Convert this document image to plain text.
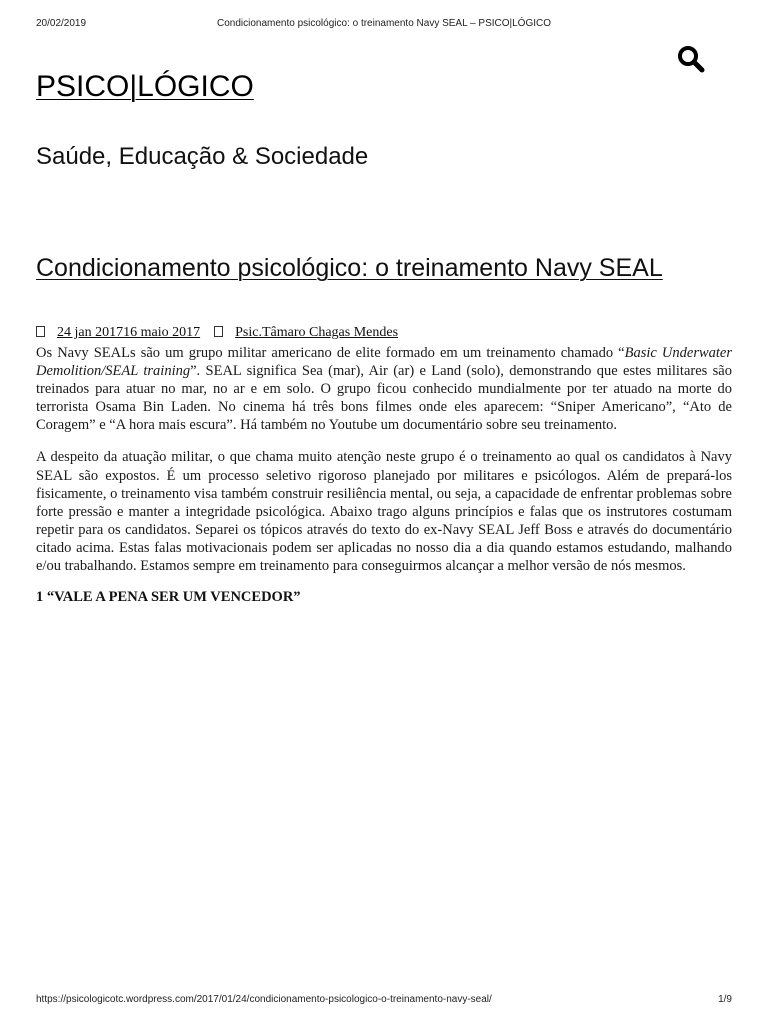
20/02/2019	Condicionamento psicológico: o treinamento Navy SEAL – PSICO|LÓGICO
PSICO|LÓGICO
Saúde, Educação & Sociedade
Condicionamento psicológico: o treinamento Navy SEAL
24 jan 201716 maio 2017	Psic.Tâmaro Chagas Mendes

Os Navy SEALs são um grupo militar americano de elite formado em um treinamento chamado “Basic Underwater Demolition/SEAL training”. SEAL significa Sea (mar), Air (ar) e Land (solo), demonstrando que estes militares são treinados para atuar no mar, no ar e em solo. O grupo ficou conhecido mundialmente por ter atuado na morte do terrorista Osama Bin Laden. No cinema há três bons filmes onde eles aparecem: “Sniper Americano”, “Ato de Coragem” e “A hora mais escura”. Há também no Youtube um documentário sobre seu treinamento.

A despeito da atuação militar, o que chama muito atenção neste grupo é o treinamento ao qual os candidatos à Navy SEAL são expostos. É um processo seletivo rigoroso planejado por militares e psicólogos. Além de prepará-los fisicamente, o treinamento visa também construir resiliência mental, ou seja, a capacidade de enfrentar problemas sobre forte pressão e manter a integridade psicológica. Abaixo trago alguns princípios e falas que os instrutores costumam repetir para os candidatos. Separei os tópicos através do texto do ex-Navy SEAL Jeff Boss e através do documentário citado acima. Estas falas motivacionais podem ser aplicadas no nosso dia a dia quando estamos estudando, malhando e/ou trabalhando. Estamos sempre em treinamento para conseguirmos alcançar a melhor versão de nós mesmos.

1 “VALE A PENA SER UM VENCEDOR”
https://psicologicotc.wordpress.com/2017/01/24/condicionamento-psicologico-o-treinamento-navy-seal/	1/9
